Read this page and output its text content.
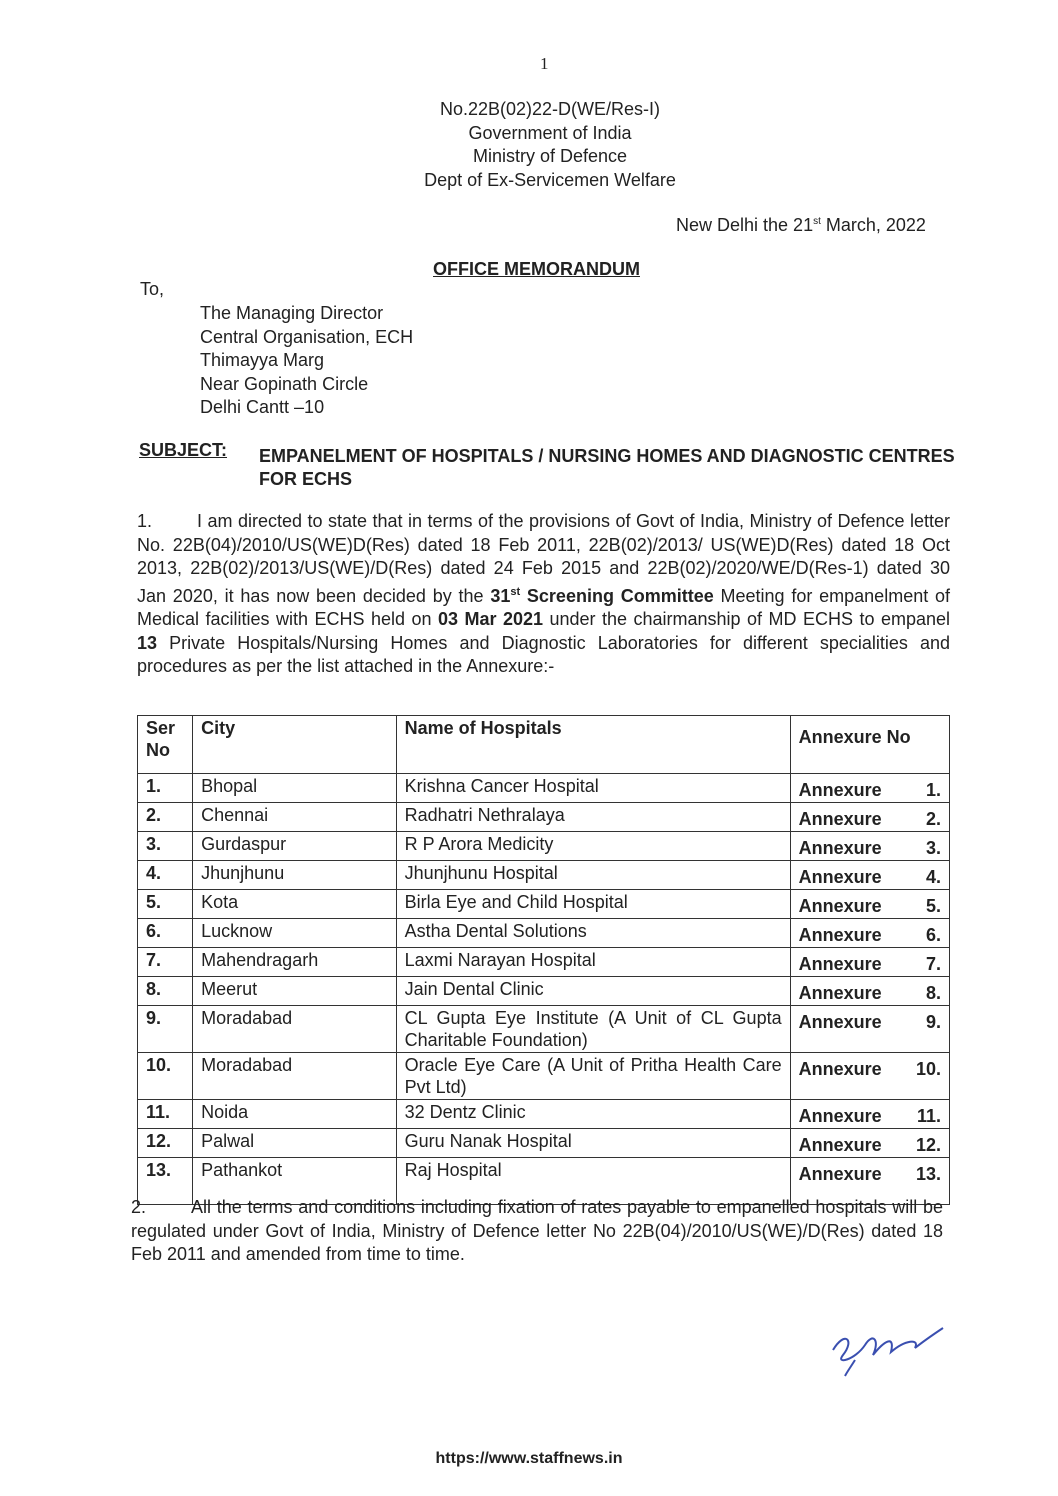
1
No.22B(02)22-D(WE/Res-I)
Government of India
Ministry of Defence
Dept of Ex-Servicemen Welfare
New Delhi the 21st March, 2022
OFFICE MEMORANDUM
To,
The Managing Director
Central Organisation, ECH
Thimayya Marg
Near Gopinath Circle
Delhi Cantt –10
SUBJECT: EMPANELMENT OF HOSPITALS / NURSING HOMES AND DIAGNOSTIC CENTRES FOR ECHS
1. I am directed to state that in terms of the provisions of Govt of India, Ministry of Defence letter No. 22B(04)/2010/US(WE)D(Res) dated 18 Feb 2011, 22B(02)/2013/ US(WE)D(Res) dated 18 Oct 2013, 22B(02)/2013/US(WE)/D(Res) dated 24 Feb 2015 and 22B(02)/2020/WE/D(Res-1) dated 30 Jan 2020, it has now been decided by the 31st Screening Committee Meeting for empanelment of Medical facilities with ECHS held on 03 Mar 2021 under the chairmanship of MD ECHS to empanel 13 Private Hospitals/Nursing Homes and Diagnostic Laboratories for different specialities and procedures as per the list attached in the Annexure:-
Ser No	City	Name of Hospitals	Annexure No
1.	Bhopal	Krishna Cancer Hospital	Annexure 1.

2.	Chennai	Radhatri Nethralaya	Annexure 2.

3.	Gurdaspur	R P Arora Medicity	Annexure 3.

4.	Jhunjhunu	Jhunjhunu Hospital	Annexure 4.

5.	Kota	Birla Eye and Child Hospital	Annexure 5.

6.	Lucknow	Astha Dental Solutions	Annexure 6.

7.	Mahendragarh	Laxmi Narayan Hospital	Annexure 7.

8.	Meerut	Jain Dental Clinic	Annexure 8.

9.	Moradabad	CL Gupta Eye Institute (A Unit of CL Gupta Charitable Foundation)	Annexure 9.

10.	Moradabad	Oracle Eye Care (A Unit of Pritha Health Care Pvt Ltd)	Annexure 10.

11.	Noida	32 Dentz Clinic	Annexure 11.

12.	Palwal	Guru Nanak Hospital	Annexure 12.

13.	Pathankot	Raj Hospital	Annexure 13.
2. All the terms and conditions including fixation of rates payable to empanelled hospitals will be regulated under Govt of India, Ministry of Defence letter No 22B(04)/2010/US(WE)/D(Res) dated 18 Feb 2011 and amended from time to time.
https://www.staffnews.in
